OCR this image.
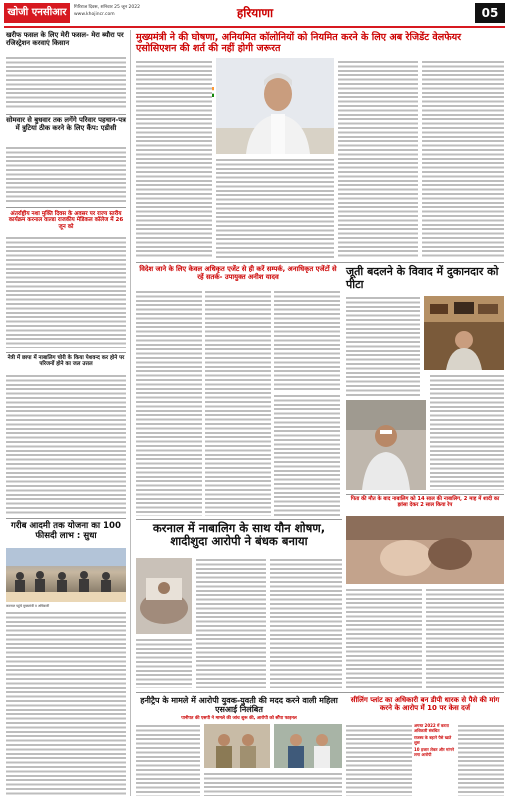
खोजी एनसीआर	गिरिराज दिवस, शनिवार 25 जून 2022
www.khojincr.com	हरियाणा	05
खरीफ फसल के लिए मेरी फसल- मेरा ब्यौरा पर रजिस्ट्रेशन करवाएं किसान
सोमवार से बुधवार तक लगेंगे परिवार पहचान-पत्र में त्रुटियां ठीक करने के लिए कैंप: एडीसी
अंतर्राष्ट्रीय नशा मुक्ति दिवस के अवसर पर राज्य स्तरीय कार्यक्रम करनाल वाल्डा राजकीय मेडिकल कॉलेज में 26 जून को
नेत्री में छापा में नाबालिग चोरी के किया पेशवन्द कर होने पर परिजनों होने का जल उत्तल
गरीब आदमी तक योजना का 100 फीसदी लाभ : सुधा
करनाल पहुंचे मुख्यमंत्री व अधिकारी
मुख्यमंत्री ने की घोषणा, अनियमित कॉलोनियों को नियमित करने के लिए अब रेजिडेंट वेलफेयर एसोसिएशन की शर्त की नहीं होगी जरूरत
विदेश जाने के लिए केवल अधिकृत एजेंट से ही करें सम्पर्क, अनाधिकृत एजेंटों से रहें सतर्क- उपायुक्त अनीश यादव	जूती बदलने के विवाद में दुकानदार को पीटा
पिता की मौत के बाद नाबालिग को 14 साल की नाबालिग, 2 माह में शादी का झांसा देकर 2 साल किया रेप
करनाल में नाबालिग के साथ यौन शोषण, शादीशुदा आरोपी ने बंधक बनाया
हनीट्रैप के मामले में आरोपी युवक-युवती की मदद करने वाली महिला एसआई निलंबित
पानीपत की एसपी ने मामले की जांच शुरू की, आरोपी को सौंपा फाइनल
सीलिंग प्लांट का अधिकारी बन डीपी धारक से पैसे की मांग करने के आरोप में 10 पर केस दर्ज
अगस्त 2022 में करता अधिकारी संबंधित
राजस्व के बहाने पैसे खाते शुरू
10 हजार लेकर और मांगने लगा आरोपी
